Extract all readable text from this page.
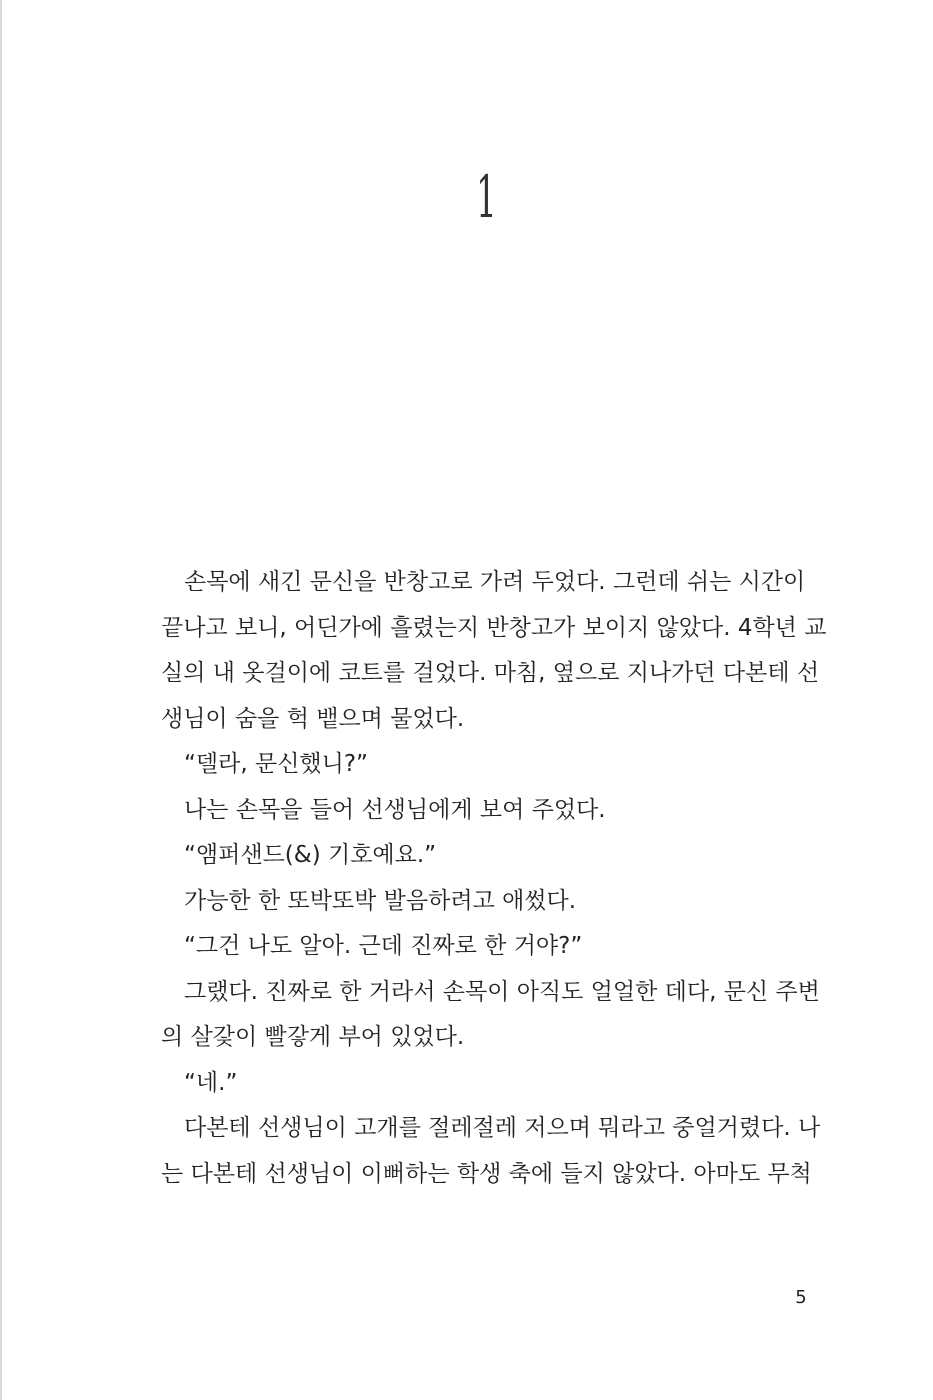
1
손목에 새긴 문신을 반창고로 가려 두었다. 그런데 쉬는 시간이
끝나고 보니, 어딘가에 흘렸는지 반창고가 보이지 않았다. 4학년 교
실의 내 옷걸이에 코트를 걸었다. 마침, 옆으로 지나가던 다본테 선
생님이 숨을 헉 뱉으며 물었다.
“델라, 문신했니?”
나는 손목을 들어 선생님에게 보여 주었다.
“앰퍼샌드(&) 기호예요.”
가능한 한 또박또박 발음하려고 애썼다.
“그건 나도 알아. 근데 진짜로 한 거야?”
그랬다. 진짜로 한 거라서 손목이 아직도 얼얼한 데다, 문신 주변
의 살갗이 빨갛게 부어 있었다.
“네.”
다본테 선생님이 고개를 절레절레 저으며 뭐라고 중얼거렸다. 나
는 다본테 선생님이 이뻐하는 학생 축에 들지 않았다. 아마도 무척
5
